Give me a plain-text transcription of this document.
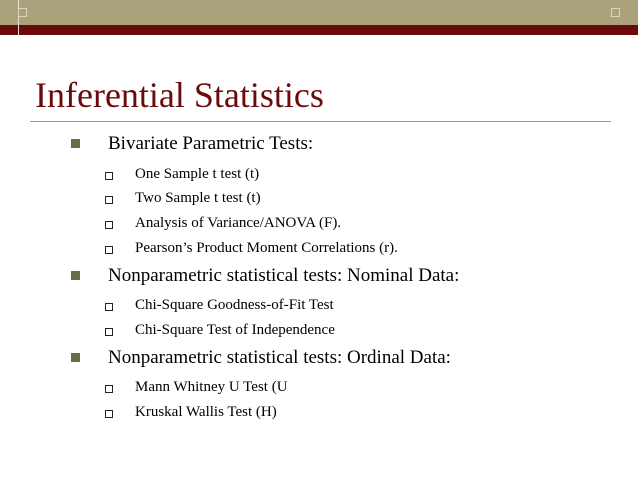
Inferential Statistics
Bivariate Parametric Tests:
One Sample t test (t)
Two Sample t test (t)
Analysis of Variance/ANOVA (F).
Pearson’s Product Moment Correlations (r).
Nonparametric statistical tests: Nominal Data:
Chi-Square Goodness-of-Fit Test
Chi-Square Test of Independence
Nonparametric statistical tests: Ordinal Data:
Mann Whitney U Test (U
Kruskal Wallis Test (H)
